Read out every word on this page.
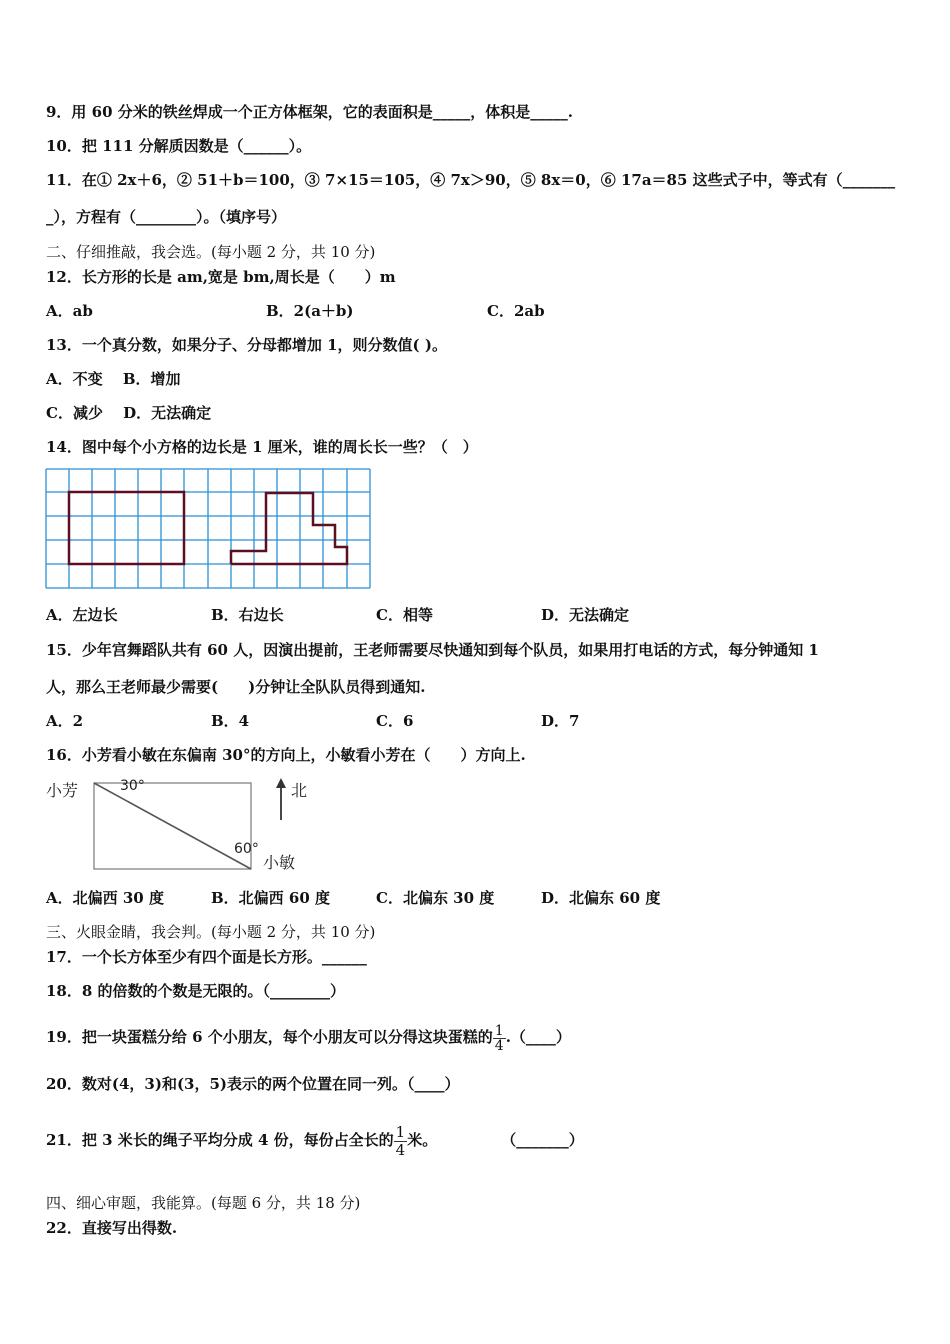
9．用 60 分米的铁丝焊成一个正方体框架，它的表面积是_____，体积是_____.
10．把 111 分解质因数是（______）。
11．在① 2x＋6，② 51＋b＝100，③ 7×15＝105，④ 7x＞90，⑤ 8x＝0，⑥ 17a＝85 这些式子中，等式有（_______
_），方程有（________）。（填序号）
二、仔细推敲，我会选。(每小题 2 分，共 10 分)
12．长方形的长是 am,宽是 bm,周长是（　　）m
A．ab	B．2(a＋b)	C．2ab
13．一个真分数，如果分子、分母都增加 1，则分数值( )。
A．不变　 B．增加
C．减少　 D．无法确定
14．图中每个小方格的边长是 1 厘米，谁的周长长一些？（　）
A．左边长	B．右边长	C．相等	D．无法确定
15．少年宫舞蹈队共有 60 人，因演出提前，王老师需要尽快通知到每个队员，如果用打电话的方式，每分钟通知 1
人，那么王老师最少需要(　　)分钟让全队队员得到通知.
A．2	B．4	C．6	D．7
16．小芳看小敏在东偏南 30°的方向上，小敏看小芳在（　　）方向上.
小芳	30°
60°
小敏
北
A．北偏西 30 度	B．北偏西 60 度	C．北偏东 30 度	D．北偏东 60 度
三、火眼金睛，我会判。(每小题 2 分，共 10 分)
17．一个长方体至少有四个面是长方形。______
18．8 的倍数的个数是无限的。（________）
19．把一块蛋糕分给 6 个小朋友，每个小朋友可以分得这块蛋糕的 $\frac{1}{4}$ .（____）
20．数对(4，3)和(3，5)表示的两个位置在同一列。（____）
21．把 3 米长的绳子平均分成 4 份，每份占全长的 $\frac{1}{4}$ 米。	（_______）
四、细心审题，我能算。(每题 6 分，共 18 分)
22．直接写出得数.
